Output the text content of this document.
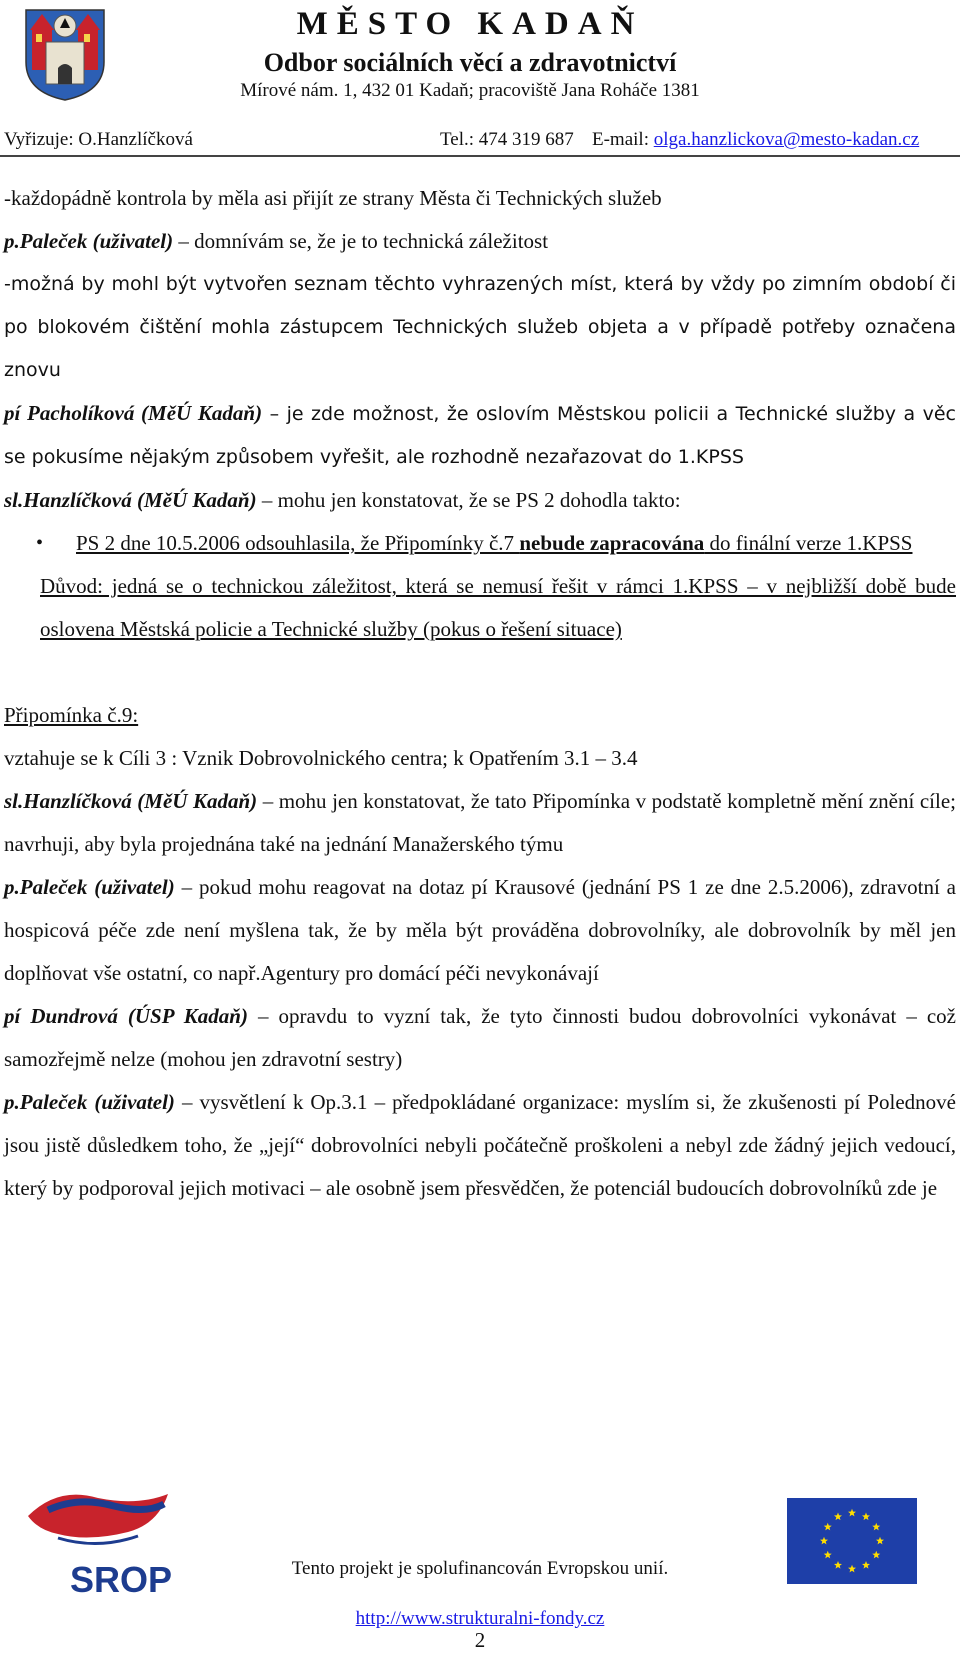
MĚSTO KADAŇ
Odbor sociálních věcí a zdravotnictví
Mírové nám. 1, 432 01 Kadaň; pracoviště Jana Roháče 1381
Vyřizuje: O.Hanzlíčková	Tel.: 474 319 687 E-mail: olga.hanzlickova@mesto-kadan.cz

-každopádně kontrola by měla asi přijít ze strany Města či Technických služeb

p.Paleček (uživatel) – domnívám se, že je to technická záležitost

-možná by mohl být vytvořen seznam těchto vyhrazených míst, která by vždy po zimním období či po blokovém čištění mohla zástupcem Technických služeb objeta a v případě potřeby označena znovu

pí Pacholíková (MěÚ Kadaň) – je zde možnost, že oslovím Městskou policii a Technické služby a věc se pokusíme nějakým způsobem vyřešit, ale rozhodně nezařazovat do 1.KPSS

sl.Hanzlíčková (MěÚ Kadaň) – mohu jen konstatovat, že se PS 2 dohodla takto:

• PS 2 dne 10.5.2006 odsouhlasila, že Připomínky č.7 nebude zapracována do finální verze 1.KPSS

Důvod: jedná se o technickou záležitost, která se nemusí řešit v rámci 1.KPSS – v nejbližší době bude oslovena Městská policie a Technické služby (pokus o řešení situace)

Připomínka č.9:

vztahuje se k Cíli 3 : Vznik Dobrovolnického centra; k Opatřením 3.1 – 3.4

sl.Hanzlíčková (MěÚ Kadaň) – mohu jen konstatovat, že tato Připomínka v podstatě kompletně mění znění cíle; navrhuji, aby byla projednána také na jednání Manažerského týmu

p.Paleček (uživatel) – pokud mohu reagovat na dotaz pí Krausové (jednání PS 1 ze dne 2.5.2006), zdravotní a hospicová péče zde není myšlena tak, že by měla být prováděna dobrovolníky, ale dobrovolník by měl jen doplňovat vše ostatní, co např.Agentury pro domácí péči nevykonávají

pí Dundrová (ÚSP Kadaň) – opravdu to vyzní tak, že tyto činnosti budou dobrovolníci vykonávat – což samozřejmě nelze (mohou jen zdravotní sestry)

p.Paleček (uživatel) – vysvětlení k Op.3.1 – předpokládané organizace: myslím si, že zkušenosti pí Polednové jsou jistě důsledkem toho, že „její“ dobrovolníci nebyli počátečně proškoleni a nebyl zde žádný jejich vedoucí, který by podporoval jejich motivaci – ale osobně jsem přesvědčen, že potenciál budoucích dobrovolníků zde je

SROP	Tento projekt je spolufinancován Evropskou unií.
http://www.strukturalni-fondy.cz
2
